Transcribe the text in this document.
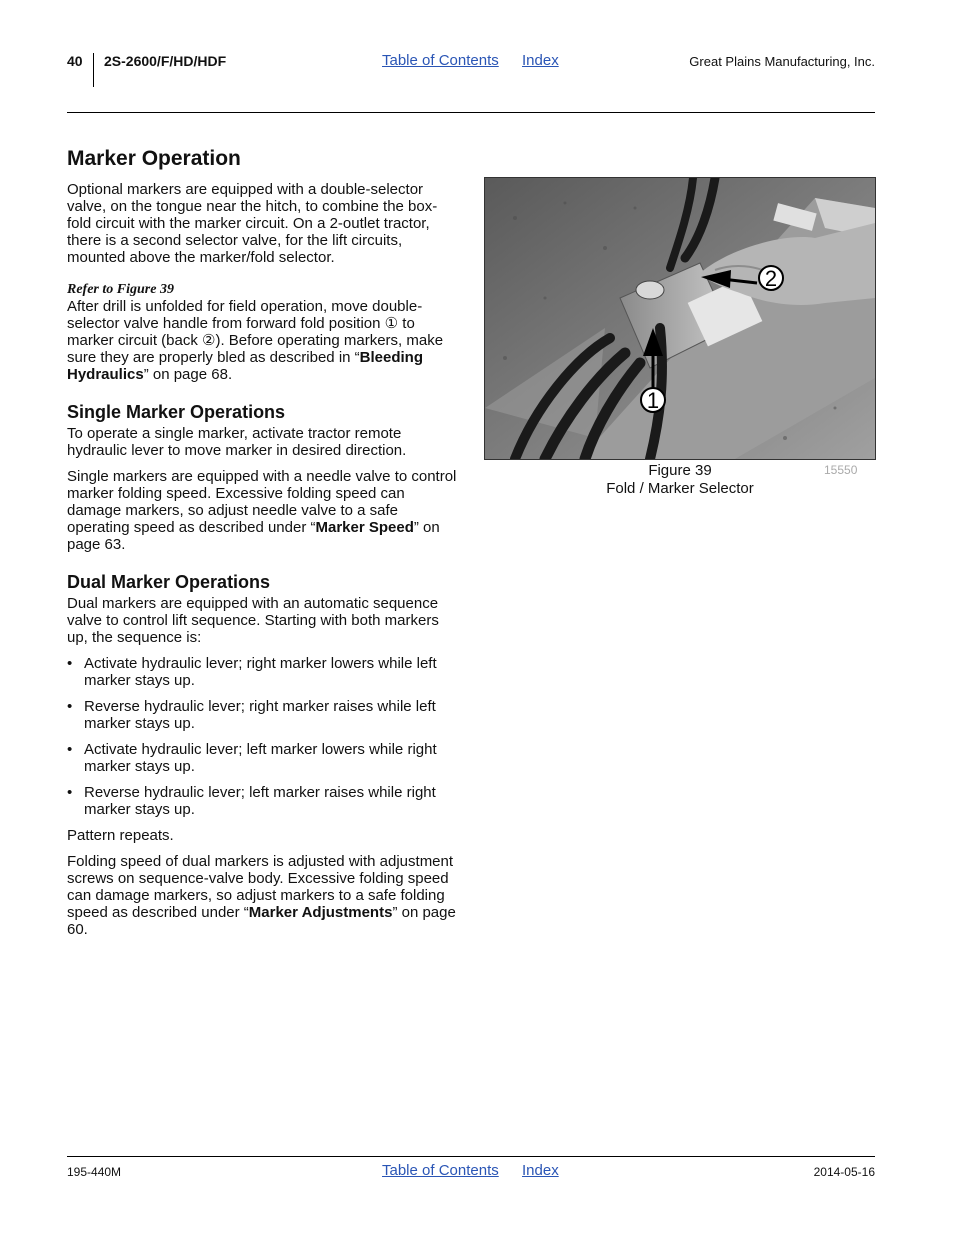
40 2S-2600/F/HD/HDF	Table of Contents Index	Great Plains Manufacturing, Inc.
Marker Operation

Optional markers are equipped with a double-selector valve, on the tongue near the hitch, to combine the box-fold circuit with the marker circuit. On a 2-outlet tractor, there is a second selector valve, for the lift circuits, mounted above the marker/fold selector.

Refer to Figure 39

After drill is unfolded for field operation, move double-selector valve handle from forward fold position ① to marker circuit (back ②). Before operating markers, make sure they are properly bled as described in “Bleeding Hydraulics” on page 68.

Single Marker Operations

To operate a single marker, activate tractor remote hydraulic lever to move marker in desired direction.

Single markers are equipped with a needle valve to control marker folding speed. Excessive folding speed can damage markers, so adjust needle valve to a safe operating speed as described under “Marker Speed” on page 63.

Dual Marker Operations

Dual markers are equipped with an automatic sequence valve to control lift sequence. Starting with both markers up, the sequence is:

• Activate hydraulic lever; right marker lowers while left marker stays up.
• Reverse hydraulic lever; right marker raises while left marker stays up.
• Activate hydraulic lever; left marker lowers while right marker stays up.
• Reverse hydraulic lever; left marker raises while right marker stays up.

Pattern repeats.

Folding speed of dual markers is adjusted with adjustment screws on sequence-valve body. Excessive folding speed can damage markers, so adjust markers to a safe folding speed as described under “Marker Adjustments” on page 60.

1
2
Figure 39
Fold / Marker Selector
15550
195-440M	Table of Contents Index	2014-05-16
